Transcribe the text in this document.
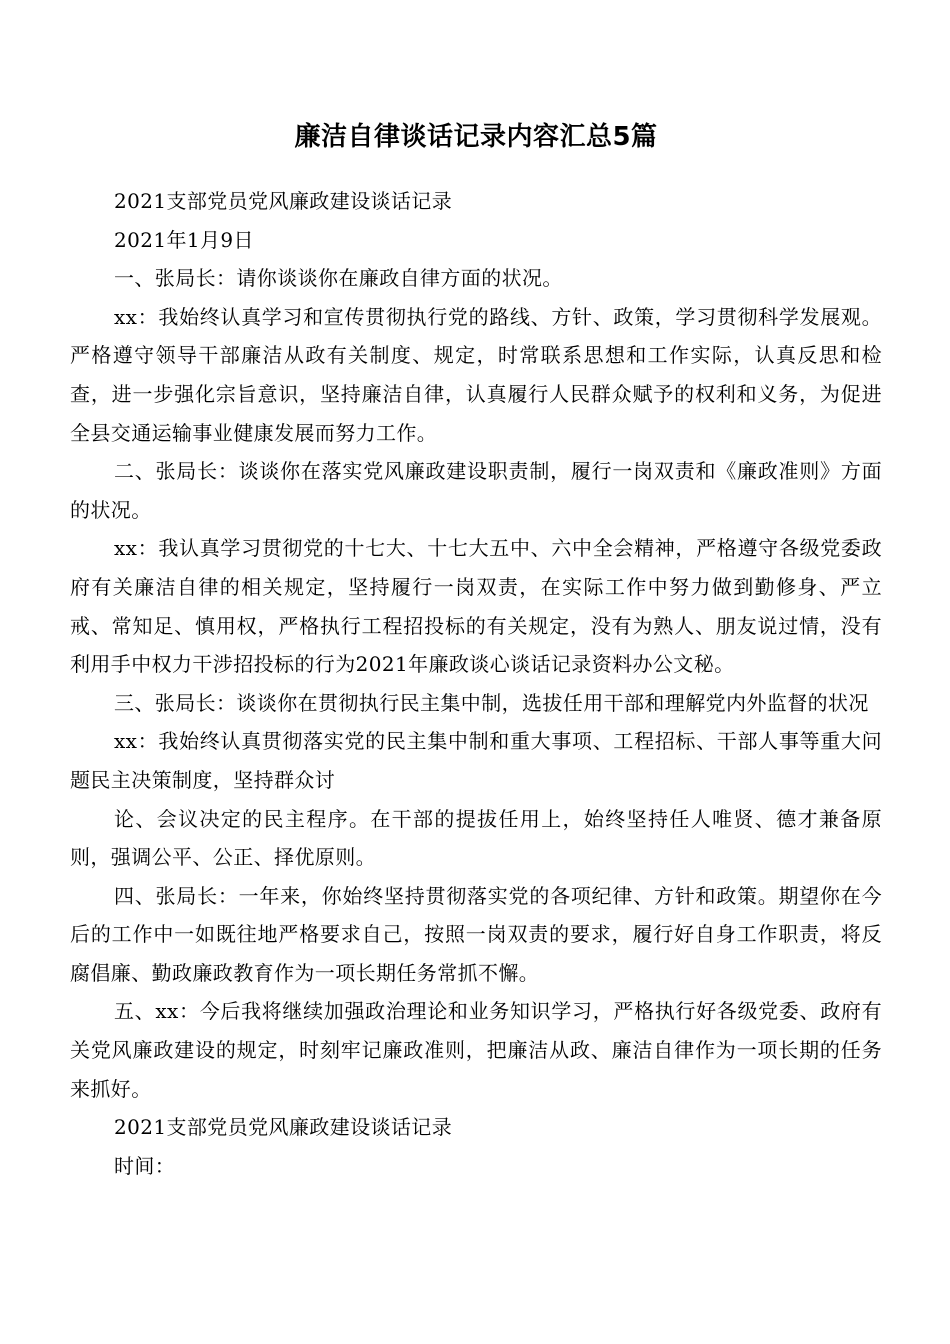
廉洁自律谈话记录内容汇总5篇

2021支部党员党风廉政建设谈话记录

2021年1月9日

一、张局长：请你谈谈你在廉政自律方面的状况。

xx：我始终认真学习和宣传贯彻执行党的路线、方针、政策，学习贯彻科学发展观。严格遵守领导干部廉洁从政有关制度、规定，时常联系思想和工作实际，认真反思和检查，进一步强化宗旨意识，坚持廉洁自律，认真履行人民群众赋予的权利和义务，为促进全县交通运输事业健康发展而努力工作。

二、张局长：谈谈你在落实党风廉政建设职责制，履行一岗双责和《廉政准则》方面的状况。

xx：我认真学习贯彻党的十七大、十七大五中、六中全会精神，严格遵守各级党委政府有关廉洁自律的相关规定，坚持履行一岗双责，在实际工作中努力做到勤修身、严立戒、常知足、慎用权，严格执行工程招投标的有关规定，没有为熟人、朋友说过情，没有利用手中权力干涉招投标的行为2021年廉政谈心谈话记录资料办公文秘。

三、张局长：谈谈你在贯彻执行民主集中制，选拔任用干部和理解党内外监督的状况

xx：我始终认真贯彻落实党的民主集中制和重大事项、工程招标、干部人事等重大问题民主决策制度，坚持群众讨

论、会议决定的民主程序。在干部的提拔任用上，始终坚持任人唯贤、德才兼备原则，强调公平、公正、择优原则。

四、张局长：一年来，你始终坚持贯彻落实党的各项纪律、方针和政策。期望你在今后的工作中一如既往地严格要求自己，按照一岗双责的要求，履行好自身工作职责，将反腐倡廉、勤政廉政教育作为一项长期任务常抓不懈。

五、xx：今后我将继续加强政治理论和业务知识学习，严格执行好各级党委、政府有关党风廉政建设的规定，时刻牢记廉政准则，把廉洁从政、廉洁自律作为一项长期的任务来抓好。

2021支部党员党风廉政建设谈话记录

时间：
